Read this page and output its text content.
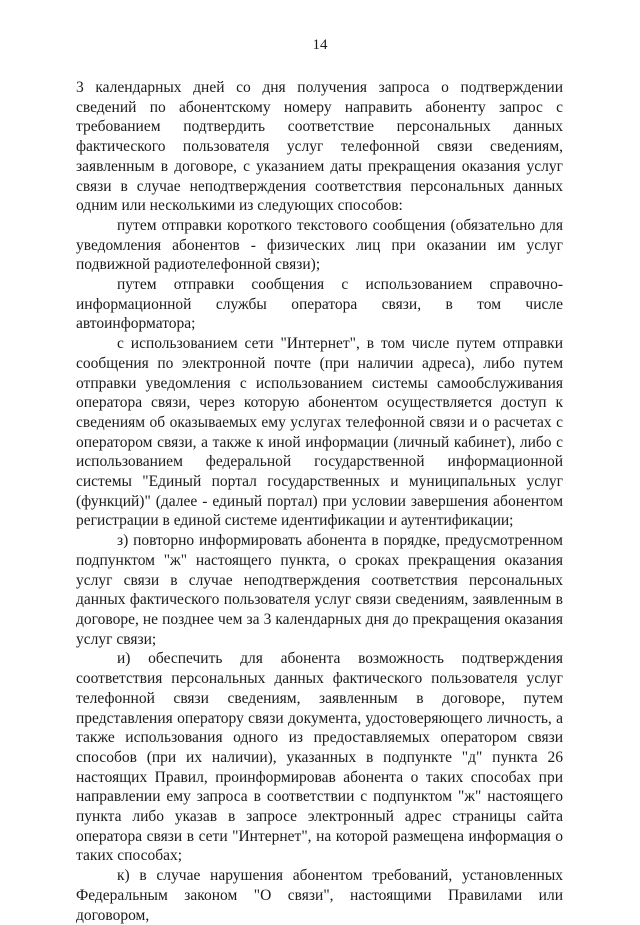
14

3 календарных дней со дня получения запроса о подтверждении сведений по абонентскому номеру направить абоненту запрос с требованием подтвердить соответствие персональных данных фактического пользователя услуг телефонной связи сведениям, заявленным в договоре, с указанием даты прекращения оказания услуг связи в случае неподтверждения соответствия персональных данных одним или несколькими из следующих способов:

путем отправки короткого текстового сообщения (обязательно для уведомления абонентов - физических лиц при оказании им услуг подвижной радиотелефонной связи);

путем отправки сообщения с использованием справочно-информационной службы оператора связи, в том числе автоинформатора;

с использованием сети "Интернет", в том числе путем отправки сообщения по электронной почте (при наличии адреса), либо путем отправки уведомления с использованием системы самообслуживания оператора связи, через которую абонентом осуществляется доступ к сведениям об оказываемых ему услугах телефонной связи и о расчетах с оператором связи, а также к иной информации (личный кабинет), либо с использованием федеральной государственной информационной системы "Единый портал государственных и муниципальных услуг (функций)" (далее - единый портал) при условии завершения абонентом регистрации в единой системе идентификации и аутентификации;

з) повторно информировать абонента в порядке, предусмотренном подпунктом "ж" настоящего пункта, о сроках прекращения оказания услуг связи в случае неподтверждения соответствия персональных данных фактического пользователя услуг связи сведениям, заявленным в договоре, не позднее чем за 3 календарных дня до прекращения оказания услуг связи;

и) обеспечить для абонента возможность подтверждения соответствия персональных данных фактического пользователя услуг телефонной связи сведениям, заявленным в договоре, путем представления оператору связи документа, удостоверяющего личность, а также использования одного из предоставляемых оператором связи способов (при их наличии), указанных в подпункте "д" пункта 26 настоящих Правил, проинформировав абонента о таких способах при направлении ему запроса в соответствии с подпунктом "ж" настоящего пункта либо указав в запросе электронный адрес страницы сайта оператора связи в сети "Интернет", на которой размещена информация о таких способах;

к) в случае нарушения абонентом требований, установленных Федеральным законом "О связи", настоящими Правилами или договором,
